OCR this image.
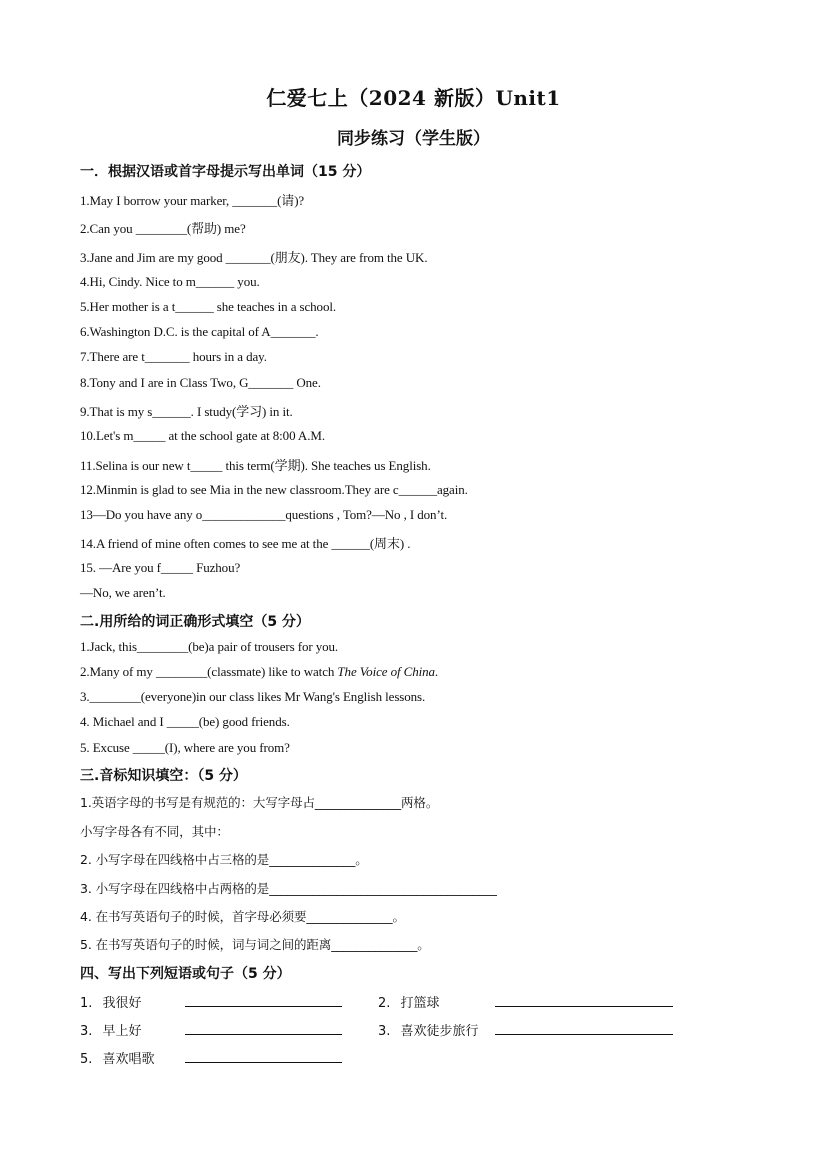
仁爱七上（2024 新版）Unit1
同步练习（学生版）
一．根据汉语或首字母提示写出单词（15 分）
1.May I borrow your marker, _______(请)?
2.Can you ________(帮助) me?
3.Jane and Jim are my good _______(朋友). They are from the UK.
4.Hi, Cindy. Nice to m______ you.
5.Her mother is a t______ she teaches in a school.
6.Washington D.C. is the capital of A_______.
7.There are t_______ hours in a day.
8.Tony and I are in Class Two, G_______ One.
9.That is my s______. I study(学习) in it.
10.Let's m_____ at the school gate at 8:00 A.M.
11.Selina is our new t_____ this term(学期). She teaches us English.
12.Minmin is glad to see Mia in the new classroom.They are c______again.
13—Do you have any o_____________questions , Tom?—No , I don’t.
14.A friend of mine often comes to see me at the ______(周末) .
15. —Are you f_____ Fuzhou?
—No, we aren’t.
二.用所给的词正确形式填空（5 分）
1.Jack, this________(be)a pair of trousers for you.
2.Many of my ________(classmate) like to watch The Voice of China.
3.________(everyone)in our class likes Mr Wang's English lessons.
4. Michael and I _____(be) good friends.
5. Excuse _____(I), where are you from?
三.音标知识填空：（5 分）
1.英语字母的书写是有规范的：大写字母占______________两格。
小写字母各有不同，其中：
2. 小写字母在四线格中占三格的是______________。
3. 小写字母在四线格中占两格的是_____________________________________
4. 在书写英语句子的时候，首字母必须要______________。
5. 在书写英语句子的时候，词与词之间的距离______________。
四、写出下列短语或句子（5 分）
1. 我很好	2. 打篮球
3. 早上好	3. 喜欢徒步旅行
5. 喜欢唱歌
